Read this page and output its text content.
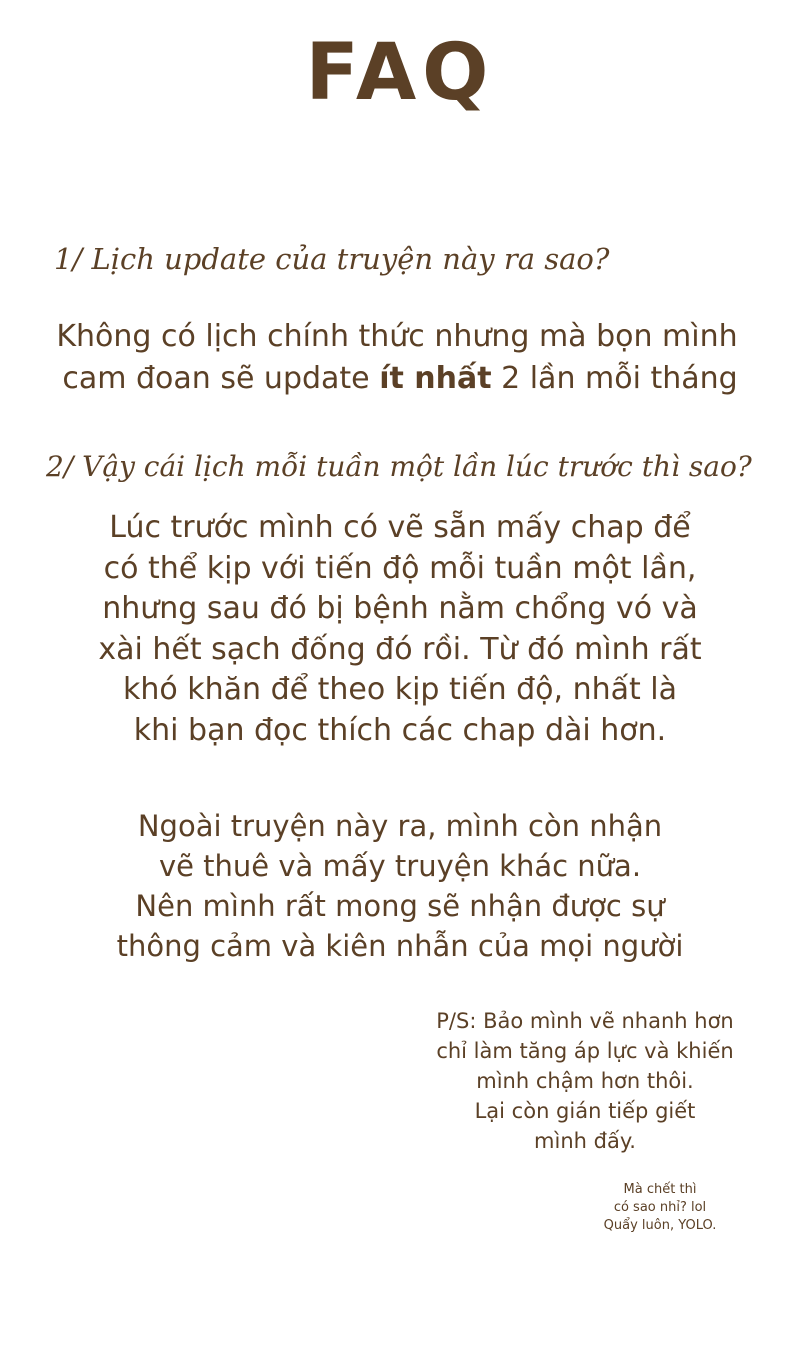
FAQ
1/ Lịch update của truyện này ra sao?
Không có lịch chính thức nhưng mà bọn mình
cam đoan sẽ update ít nhất 2 lần mỗi tháng
2/ Vậy cái lịch mỗi tuần một lần lúc trước thì sao?
Lúc trước mình có vẽ sẵn mấy chap để
có thể kịp với tiến độ mỗi tuần một lần,
nhưng sau đó bị bệnh nằm chổng vó và
xài hết sạch đống đó rồi. Từ đó mình rất
khó khăn để theo kịp tiến độ, nhất là
khi bạn đọc thích các chap dài hơn.
Ngoài truyện này ra, mình còn nhận
vẽ thuê và mấy truyện khác nữa.
Nên mình rất mong sẽ nhận được sự
thông cảm và kiên nhẫn của mọi người
P/S: Bảo mình vẽ nhanh hơn
chỉ làm tăng áp lực và khiến
mình chậm hơn thôi.
Lại còn gián tiếp giết
mình đấy.
Mà chết thì
có sao nhỉ? lol
Quẩy luôn, YOLO.
